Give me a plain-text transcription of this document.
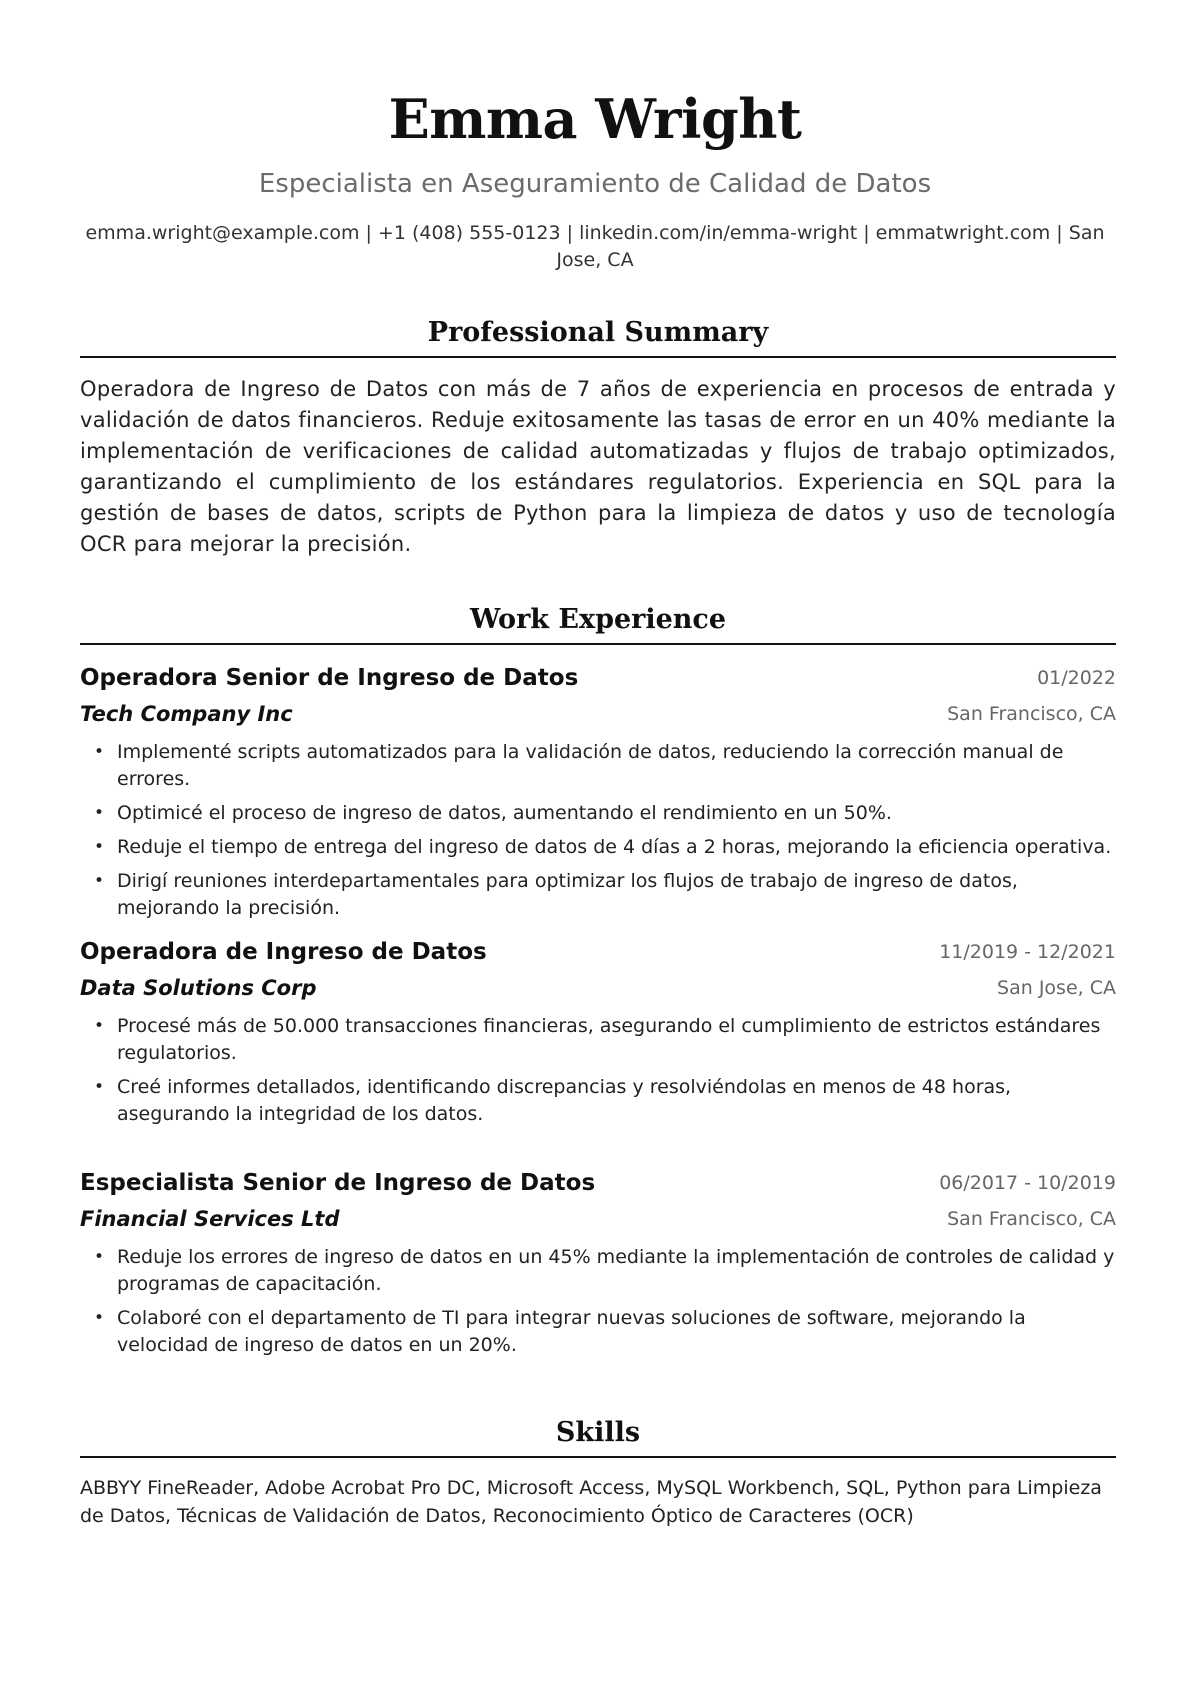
Emma Wright
Especialista en Aseguramiento de Calidad de Datos
emma.wright@example.com | +1 (408) 555-0123 | linkedin.com/in/emma-wright | emmatwright.com | San Jose, CA
Professional Summary
Operadora de Ingreso de Datos con más de 7 años de experiencia en procesos de entrada y validación de datos financieros. Reduje exitosamente las tasas de error en un 40% mediante la implementación de verificaciones de calidad automatizadas y flujos de trabajo optimizados, garantizando el cumplimiento de los estándares regulatorios. Experiencia en SQL para la gestión de bases de datos, scripts de Python para la limpieza de datos y uso de tecnología OCR para mejorar la precisión.
Work Experience
Operadora Senior de Ingreso de Datos	01/2022
Tech Company Inc	San Francisco, CA
• Implementé scripts automatizados para la validación de datos, reduciendo la corrección manual de errores.
• Optimicé el proceso de ingreso de datos, aumentando el rendimiento en un 50%.
• Reduje el tiempo de entrega del ingreso de datos de 4 días a 2 horas, mejorando la eficiencia operativa.
• Dirigí reuniones interdepartamentales para optimizar los flujos de trabajo de ingreso de datos, mejorando la precisión.
Operadora de Ingreso de Datos	11/2019 - 12/2021
Data Solutions Corp	San Jose, CA
• Procesé más de 50.000 transacciones financieras, asegurando el cumplimiento de estrictos estándares regulatorios.
• Creé informes detallados, identificando discrepancias y resolviéndolas en menos de 48 horas, asegurando la integridad de los datos.
Especialista Senior de Ingreso de Datos	06/2017 - 10/2019
Financial Services Ltd	San Francisco, CA
• Reduje los errores de ingreso de datos en un 45% mediante la implementación de controles de calidad y programas de capacitación.
• Colaboré con el departamento de TI para integrar nuevas soluciones de software, mejorando la velocidad de ingreso de datos en un 20%.
Skills
ABBYY FineReader, Adobe Acrobat Pro DC, Microsoft Access, MySQL Workbench, SQL, Python para Limpieza de Datos, Técnicas de Validación de Datos, Reconocimiento Óptico de Caracteres (OCR)
